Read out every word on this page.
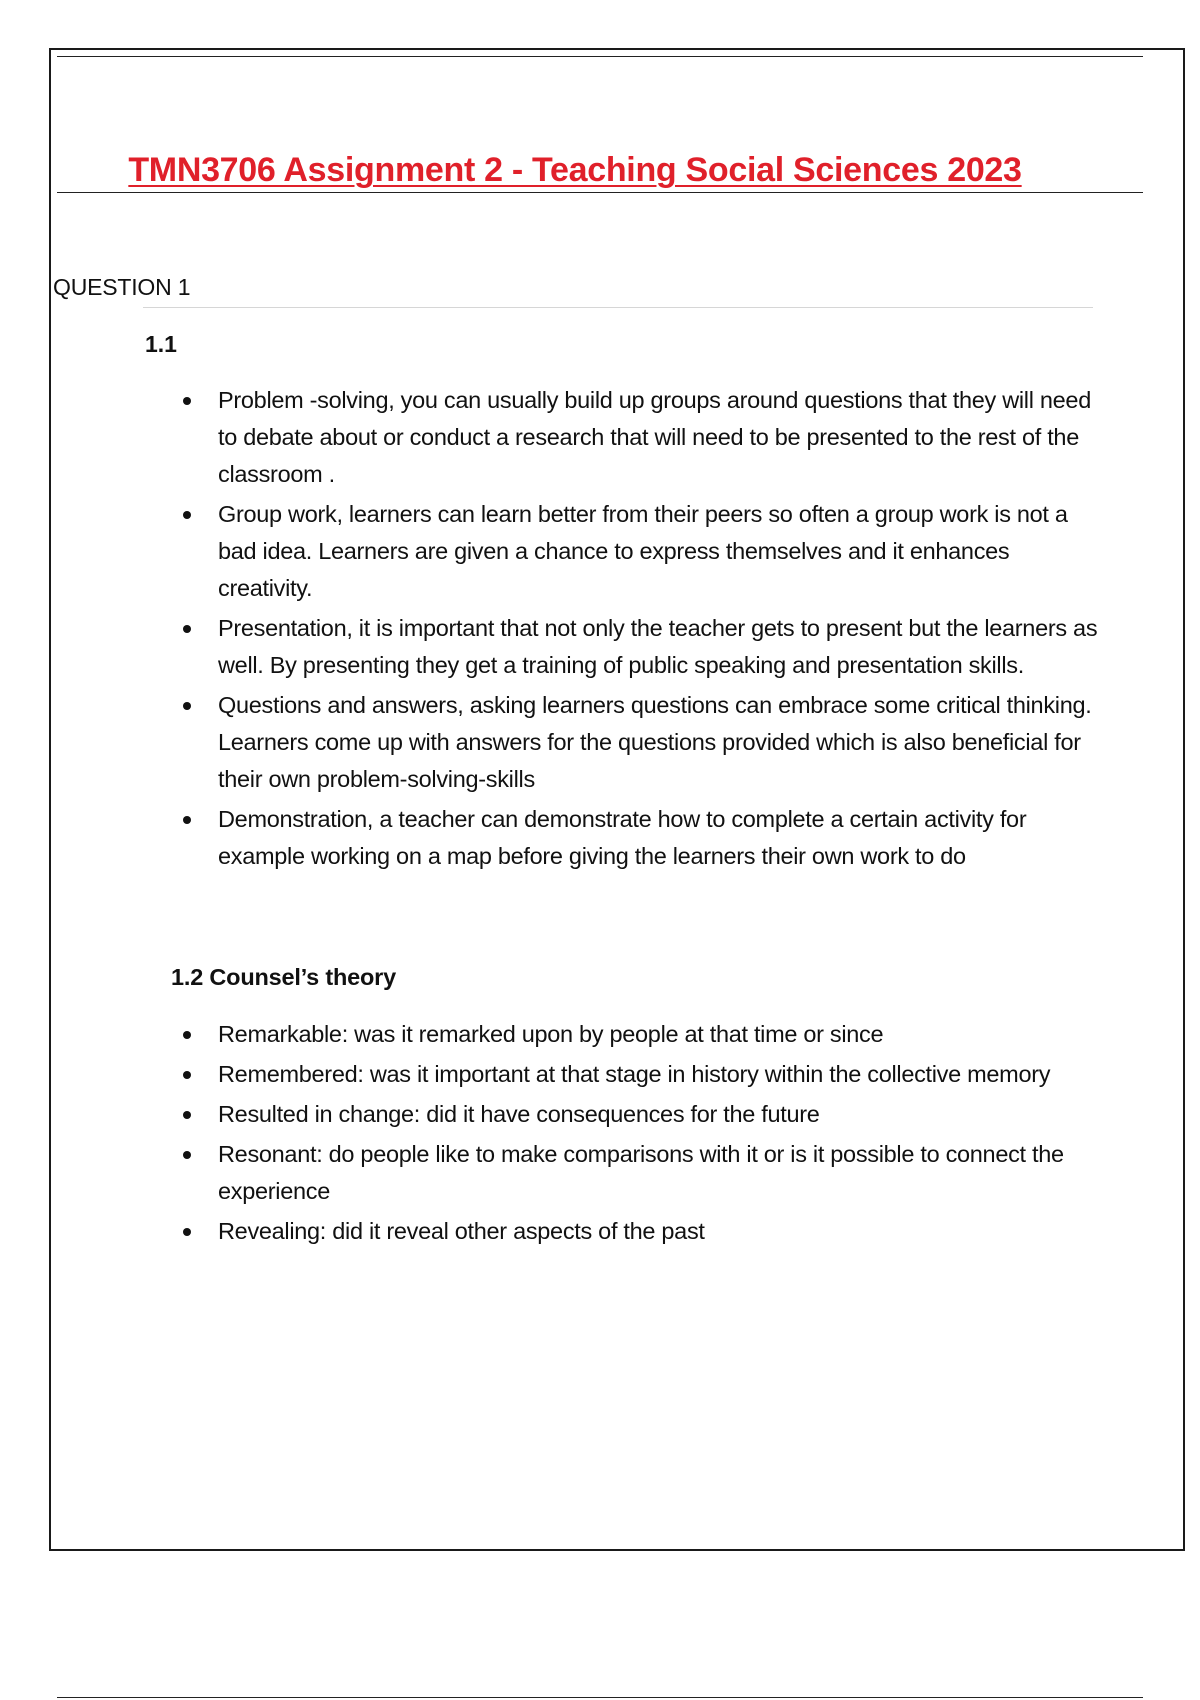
TMN3706 Assignment 2 - Teaching Social Sciences 2023
QUESTION 1
1.1
Problem -solving, you can usually build up groups around questions that they will need to debate about or conduct a research that will need to be presented to the rest of the classroom .
Group work, learners can learn better from their peers so often a group work is not a bad idea. Learners are given a chance to express themselves and it enhances creativity.
Presentation, it is important that not only the teacher gets to present but the learners as well. By presenting they get a training of public speaking and presentation skills.
Questions and answers, asking learners questions can embrace some critical thinking. Learners come up with answers for the questions provided which is also beneficial for their own problem-solving-skills
Demonstration, a teacher can demonstrate how to complete a certain activity for example working on a map before giving the learners their own work to do
1.2 Counsel’s theory
Remarkable: was it remarked upon by people at that time or since
Remembered: was it important at that stage in history within the collective memory
Resulted in change: did it have consequences for the future
Resonant: do people like to make comparisons with it or is it possible to connect the experience
Revealing: did it reveal other aspects of the past
